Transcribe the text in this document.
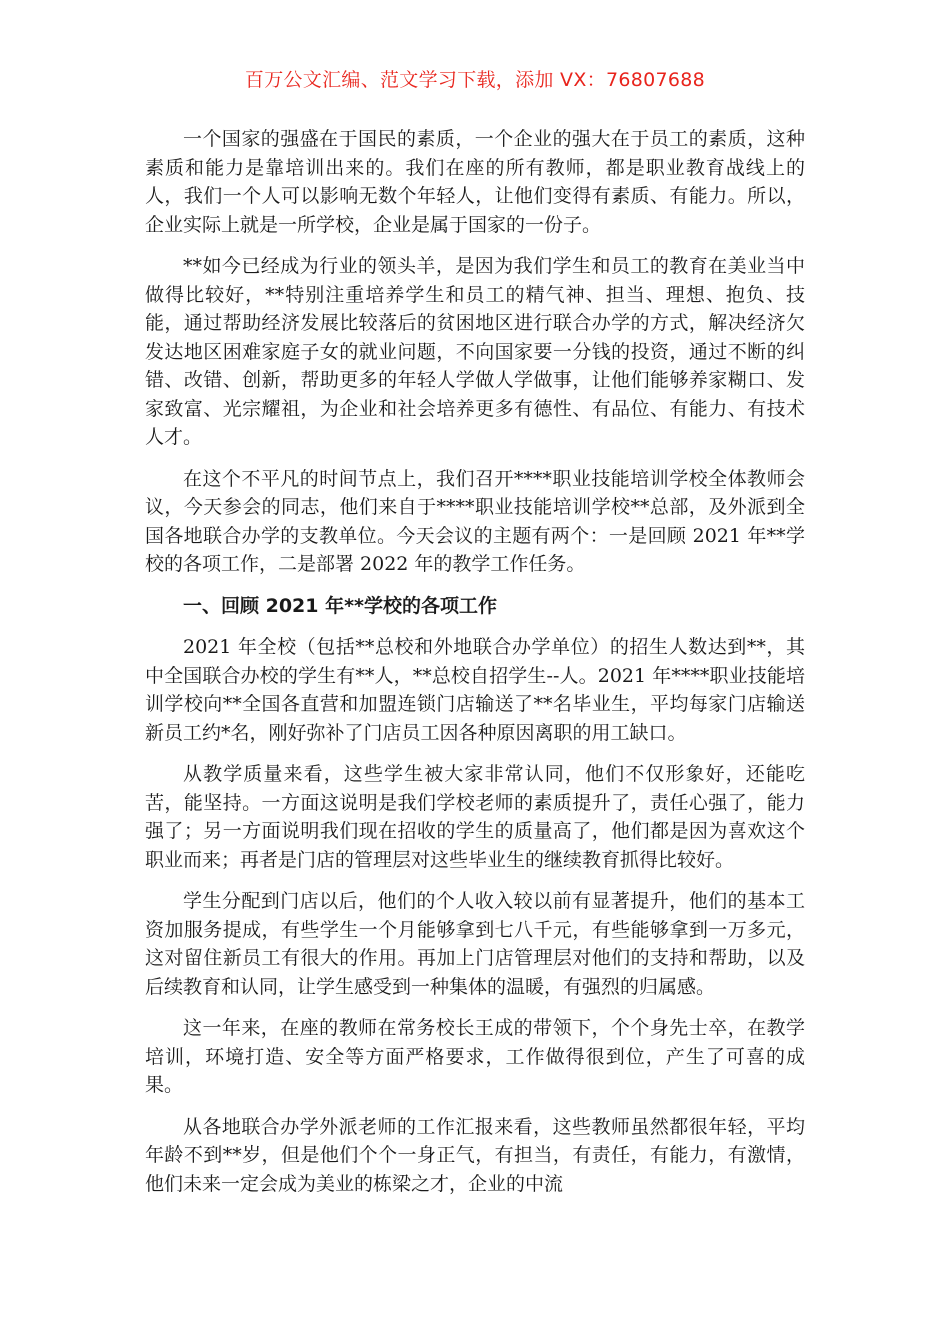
百万公文汇编、范文学习下载，添加 VX：76807688

一个国家的强盛在于国民的素质，一个企业的强大在于员工的素质，这种素质和能力是靠培训出来的。我们在座的所有教师，都是职业教育战线上的人，我们一个人可以影响无数个年轻人，让他们变得有素质、有能力。所以，企业实际上就是一所学校，企业是属于国家的一份子。

**如今已经成为行业的领头羊，是因为我们学生和员工的教育在美业当中做得比较好，**特别注重培养学生和员工的精气神、担当、理想、抱负、技能，通过帮助经济发展比较落后的贫困地区进行联合办学的方式，解决经济欠发达地区困难家庭子女的就业问题，不向国家要一分钱的投资，通过不断的纠错、改错、创新，帮助更多的年轻人学做人学做事，让他们能够养家糊口、发家致富、光宗耀祖，为企业和社会培养更多有德性、有品位、有能力、有技术人才。

在这个不平凡的时间节点上，我们召开****职业技能培训学校全体教师会议，今天参会的同志，他们来自于****职业技能培训学校**总部，及外派到全国各地联合办学的支教单位。今天会议的主题有两个：一是回顾 2021 年**学校的各项工作，二是部署 2022 年的教学工作任务。

一、回顾 2021 年**学校的各项工作

2021 年全校（包括**总校和外地联合办学单位）的招生人数达到**，其中全国联合办校的学生有**人，**总校自招学生--人。2021 年****职业技能培训学校向**全国各直营和加盟连锁门店输送了**名毕业生，平均每家门店输送新员工约*名，刚好弥补了门店员工因各种原因离职的用工缺口。

从教学质量来看，这些学生被大家非常认同，他们不仅形象好，还能吃苦，能坚持。一方面这说明是我们学校老师的素质提升了，责任心强了，能力强了；另一方面说明我们现在招收的学生的质量高了，他们都是因为喜欢这个职业而来；再者是门店的管理层对这些毕业生的继续教育抓得比较好。

学生分配到门店以后，他们的个人收入较以前有显著提升，他们的基本工资加服务提成，有些学生一个月能够拿到七八千元，有些能够拿到一万多元，这对留住新员工有很大的作用。再加上门店管理层对他们的支持和帮助，以及后续教育和认同，让学生感受到一种集体的温暖，有强烈的归属感。

这一年来，在座的教师在常务校长王成的带领下，个个身先士卒，在教学培训，环境打造、安全等方面严格要求，工作做得很到位，产生了可喜的成果。

从各地联合办学外派老师的工作汇报来看，这些教师虽然都很年轻，平均年龄不到**岁，但是他们个个一身正气，有担当，有责任，有能力，有激情，他们未来一定会成为美业的栋梁之才，企业的中流
